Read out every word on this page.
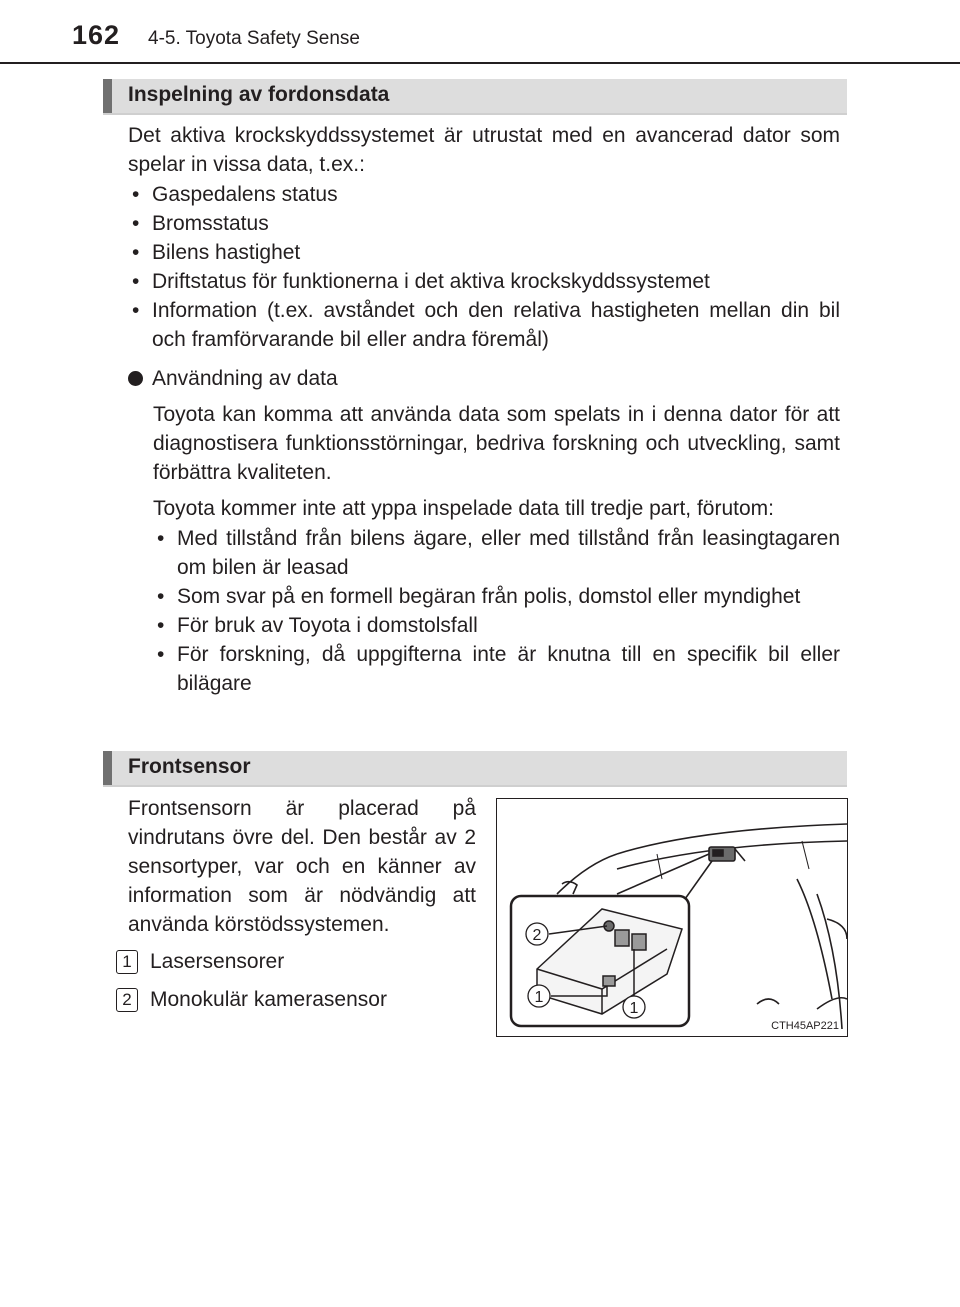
162 4-5. Toyota Safety Sense
Inspelning av fordonsdata

Det aktiva krockskyddssystemet är utrustat med en avancerad dator som spelar in vissa data, t.ex.:

• Gaspedalens status
• Bromsstatus
• Bilens hastighet
• Driftstatus för funktionerna i det aktiva krockskyddssystemet
• Information (t.ex. avståndet och den relativa hastigheten mellan din bil och framförvarande bil eller andra föremål)
Användning av data

Toyota kan komma att använda data som spelats in i denna dator för att diagnostisera funktionsstörningar, bedriva forskning och utveckling, samt förbättra kvaliteten.

Toyota kommer inte att yppa inspelade data till tredje part, förutom:

• Med tillstånd från bilens ägare, eller med tillstånd från leasingtagaren om bilen är leasad
• Som svar på en formell begäran från polis, domstol eller myndighet
• För bruk av Toyota i domstolsfall
• För forskning, då uppgifterna inte är knutna till en specifik bil eller bilägare
Frontsensor

Frontsensorn är placerad på vindrutans övre del. Den består av 2 sensortyper, var och en känner av information som är nödvändig att använda körstödssystemen.

1 Lasersensorer
2 Monokulär kamerasensor
2
1
1
CTH45AP221
